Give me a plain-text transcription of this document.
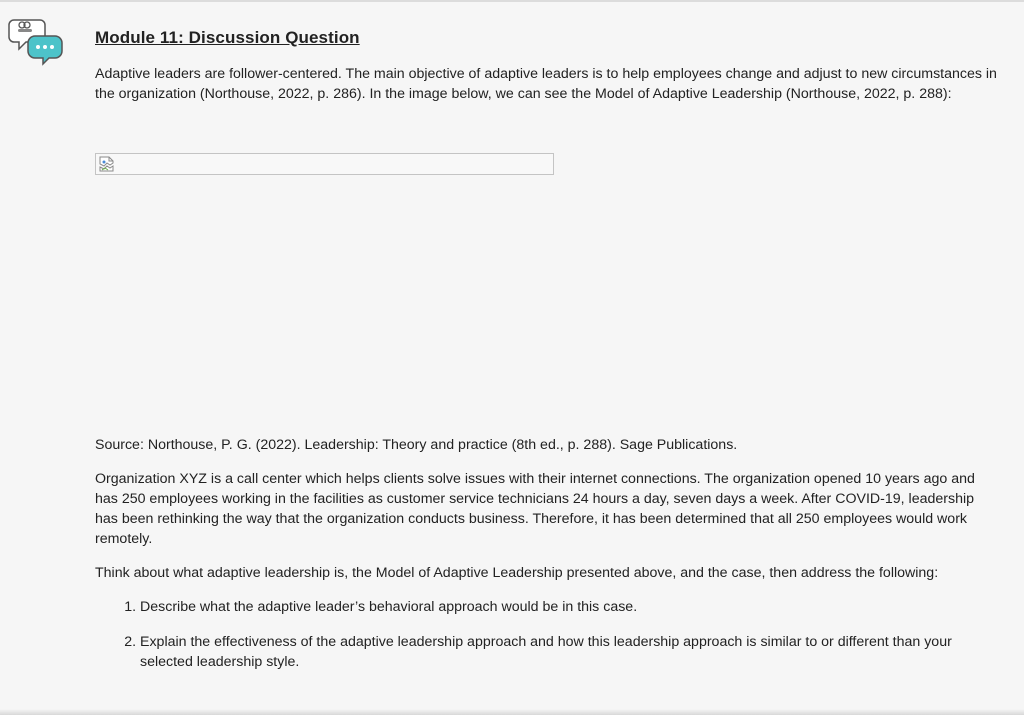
Module 11: Discussion Question

Adaptive leaders are follower-centered. The main objective of adaptive leaders is to help employees change and adjust to new circumstances in the organization (Northouse, 2022, p. 286). In the image below, we can see the Model of Adaptive Leadership (Northouse, 2022, p. 288):

Source: Northouse, P. G. (2022). Leadership: Theory and practice (8th ed., p. 288). Sage Publications.

Organization XYZ is a call center which helps clients solve issues with their internet connections. The organization opened 10 years ago and has 250 employees working in the facilities as customer service technicians 24 hours a day, seven days a week. After COVID-19, leadership has been rethinking the way that the organization conducts business. Therefore, it has been determined that all 250 employees would work remotely.

Think about what adaptive leadership is, the Model of Adaptive Leadership presented above, and the case, then address the following:

1. Describe what the adaptive leader’s behavioral approach would be in this case.
2. Explain the effectiveness of the adaptive leadership approach and how this leadership approach is similar to or different than your selected leadership style.
